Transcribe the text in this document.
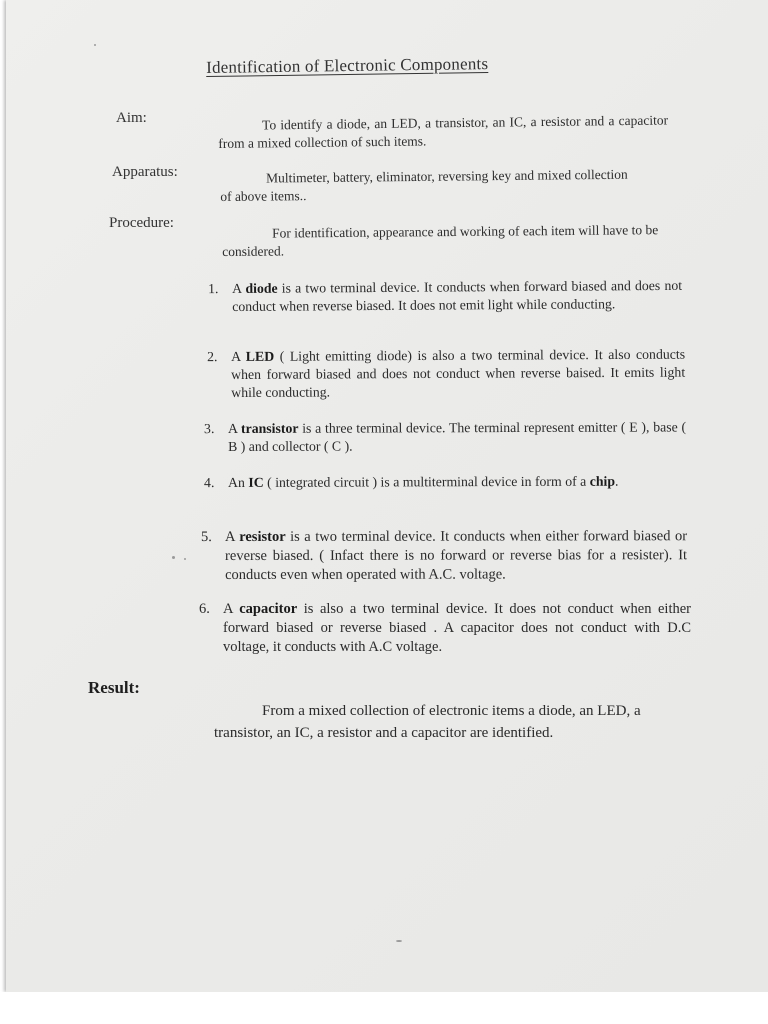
Identification of Electronic Components

Aim:	To identify a diode, an LED, a transistor, an IC, a resistor and a capacitor from a mixed collection of such items.

Apparatus:	Multimeter, battery, eliminator, reversing key and mixed collection of above items..

Procedure:	For identification, appearance and working of each item will have to be considered.

1. A diode is a two terminal device. It conducts when forward biased and does not conduct when reverse biased. It does not emit light while conducting.
2. A LED ( Light emitting diode) is also a two terminal device. It also conducts when forward biased and does not conduct when reverse baised. It emits light while conducting.
3. A transistor is a three terminal device. The terminal represent emitter ( E ), base ( B ) and collector ( C ).
4. An IC ( integrated circuit ) is a multiterminal device in form of a chip.
5. A resistor is a two terminal device. It conducts when either forward biased or reverse biased. ( Infact there is no forward or reverse bias for a resister). It conducts even when operated with A.C. voltage.
6. A capacitor is also a two terminal device. It does not conduct when either forward biased or reverse biased . A capacitor does not conduct with D.C voltage, it conducts with A.C voltage.

Result:

From a mixed collection of electronic items a diode, an LED, a transistor, an IC, a resistor and a capacitor are identified.
